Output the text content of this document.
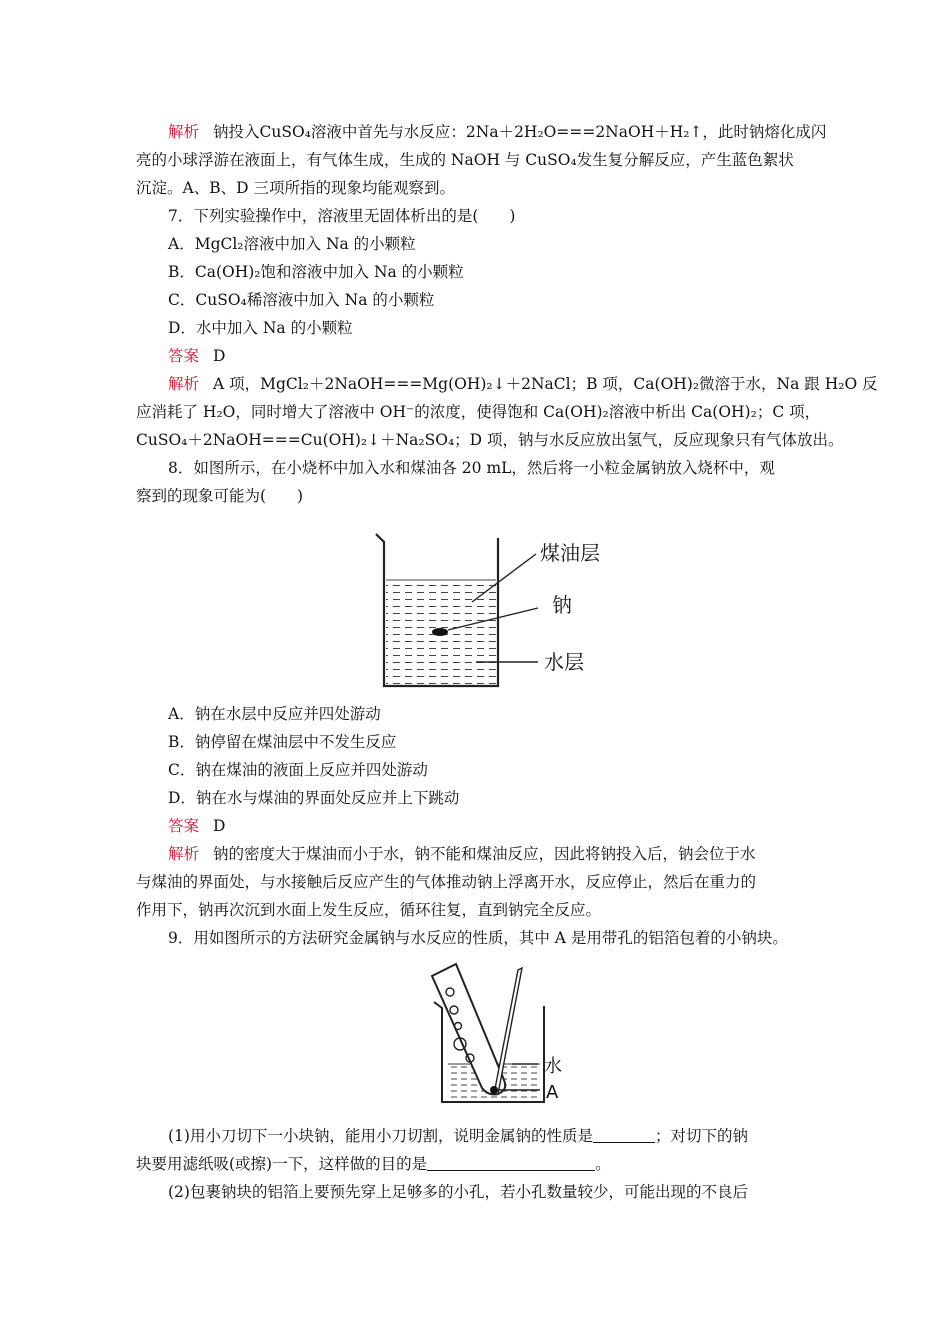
解析 钠投入CuSO₄溶液中首先与水反应：2Na＋2H₂O===2NaOH＋H₂↑，此时钠熔化成闪
亮的小球浮游在液面上，有气体生成，生成的 NaOH 与 CuSO₄发生复分解反应，产生蓝色絮状
沉淀。A、B、D 三项所指的现象均能观察到。
7．下列实验操作中，溶液里无固体析出的是(　　)
A．MgCl₂溶液中加入 Na 的小颗粒
B．Ca(OH)₂饱和溶液中加入 Na 的小颗粒
C．CuSO₄稀溶液中加入 Na 的小颗粒
D．水中加入 Na 的小颗粒
答案 D
解析 A 项，MgCl₂＋2NaOH===Mg(OH)₂↓＋2NaCl；B 项，Ca(OH)₂微溶于水，Na 跟 H₂O 反
应消耗了 H₂O，同时增大了溶液中 OH⁻的浓度，使得饱和 Ca(OH)₂溶液中析出 Ca(OH)₂；C 项，
CuSO₄＋2NaOH===Cu(OH)₂↓＋Na₂SO₄；D 项，钠与水反应放出氢气，反应现象只有气体放出。
8．如图所示，在小烧杯中加入水和煤油各 20 mL，然后将一小粒金属钠放入烧杯中，观
察到的现象可能为(　　)
煤油层
钠
水层
A．钠在水层中反应并四处游动
B．钠停留在煤油层中不发生反应
C．钠在煤油的液面上反应并四处游动
D．钠在水与煤油的界面处反应并上下跳动
答案 D
解析 钠的密度大于煤油而小于水，钠不能和煤油反应，因此将钠投入后，钠会位于水
与煤油的界面处，与水接触后反应产生的气体推动钠上浮离开水，反应停止，然后在重力的
作用下，钠再次沉到水面上发生反应，循环往复，直到钠完全反应。
9．用如图所示的方法研究金属钠与水反应的性质，其中 A 是用带孔的铝箔包着的小钠块。
水
A
(1)用小刀切下一小块钠，能用小刀切割，说明金属钠的性质是	；对切下的钠
块要用滤纸吸(或擦)一下，这样做的目的是	。
(2)包裹钠块的铝箔上要预先穿上足够多的小孔，若小孔数量较少，可能出现的不良后
